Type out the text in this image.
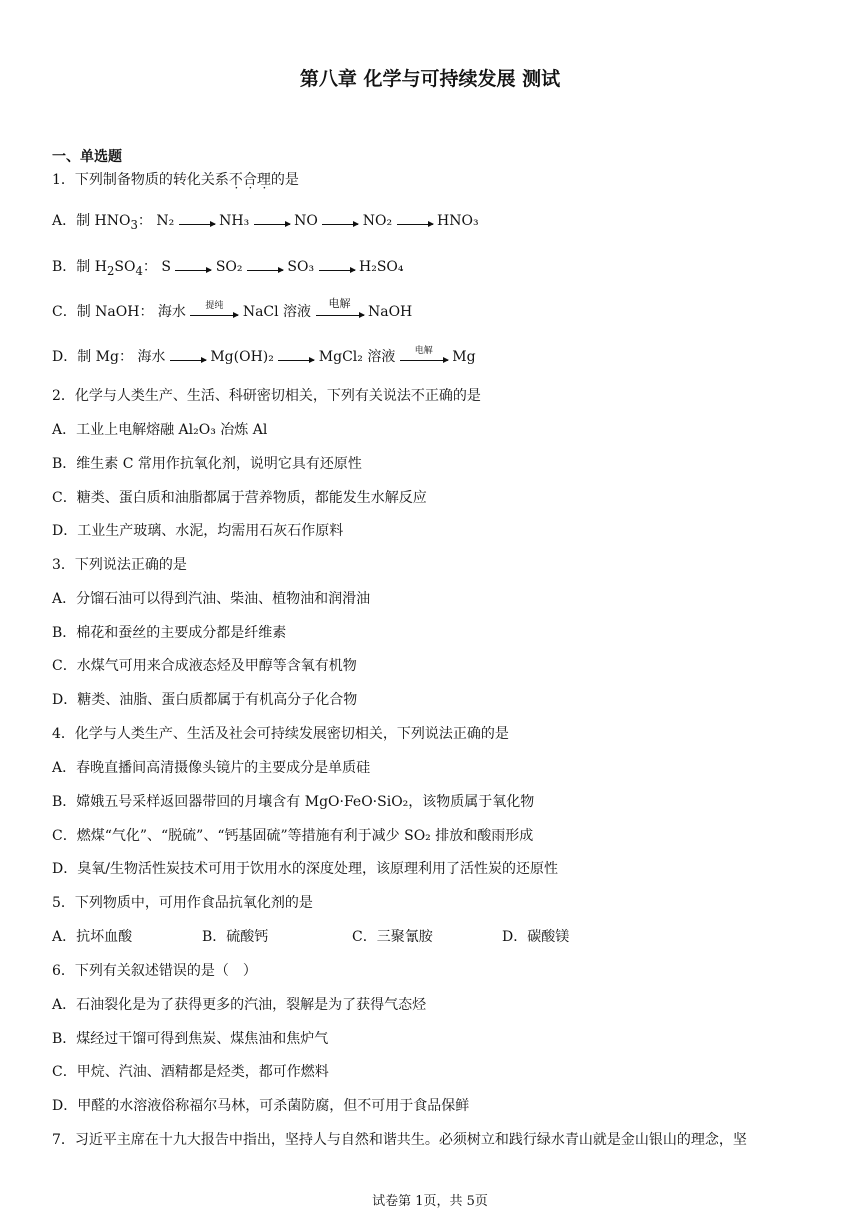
第八章 化学与可持续发展 测试
一、单选题
1．下列制备物质的转化关系不合理的是
A．制 $HNO_3$： N₂ → NH₃ → NO → NO₂ → HNO₃
B．制 $H_2SO_4$： S → SO₂ → SO₃ → H₂SO₄
C．制 NaOH： 海水	提纯	NaCl 溶液
电解
NaOH
D．制 Mg： 海水 → Mg(OH)₂ → MgCl₂ 溶液	电解	Mg
2．化学与人类生产、生活、科研密切相关，下列有关说法不正确的是
A．工业上电解熔融 Al₂O₃ 冶炼 Al
B．维生素 C 常用作抗氧化剂，说明它具有还原性
C．糖类、蛋白质和油脂都属于营养物质，都能发生水解反应
D．工业生产玻璃、水泥，均需用石灰石作原料
3．下列说法正确的是
A．分馏石油可以得到汽油、柴油、植物油和润滑油
B．棉花和蚕丝的主要成分都是纤维素
C．水煤气可用来合成液态烃及甲醇等含氧有机物
D．糖类、油脂、蛋白质都属于有机高分子化合物
4．化学与人类生产、生活及社会可持续发展密切相关，下列说法正确的是
A．春晚直播间高清摄像头镜片的主要成分是单质硅
B．嫦娥五号采样返回器带回的月壤含有 MgO·FeO·SiO₂，该物质属于氧化物
C．燃煤“气化”、“脱硫”、“钙基固硫”等措施有利于减少 SO₂ 排放和酸雨形成
D．臭氧/生物活性炭技术可用于饮用水的深度处理，该原理利用了活性炭的还原性
5．下列物质中，可用作食品抗氧化剂的是
A．抗坏血酸	B．硫酸钙	C．三聚氰胺	D．碳酸镁
6．下列有关叙述错误的是（　）
A．石油裂化是为了获得更多的汽油，裂解是为了获得气态烃
B．煤经过干馏可得到焦炭、煤焦油和焦炉气
C．甲烷、汽油、酒精都是烃类，都可作燃料
D．甲醛的水溶液俗称福尔马林，可杀菌防腐，但不可用于食品保鲜
7．习近平主席在十九大报告中指出，坚持人与自然和谐共生。必须树立和践行绿水青山就是金山银山的理念，坚
试卷第 1页，共 5页
